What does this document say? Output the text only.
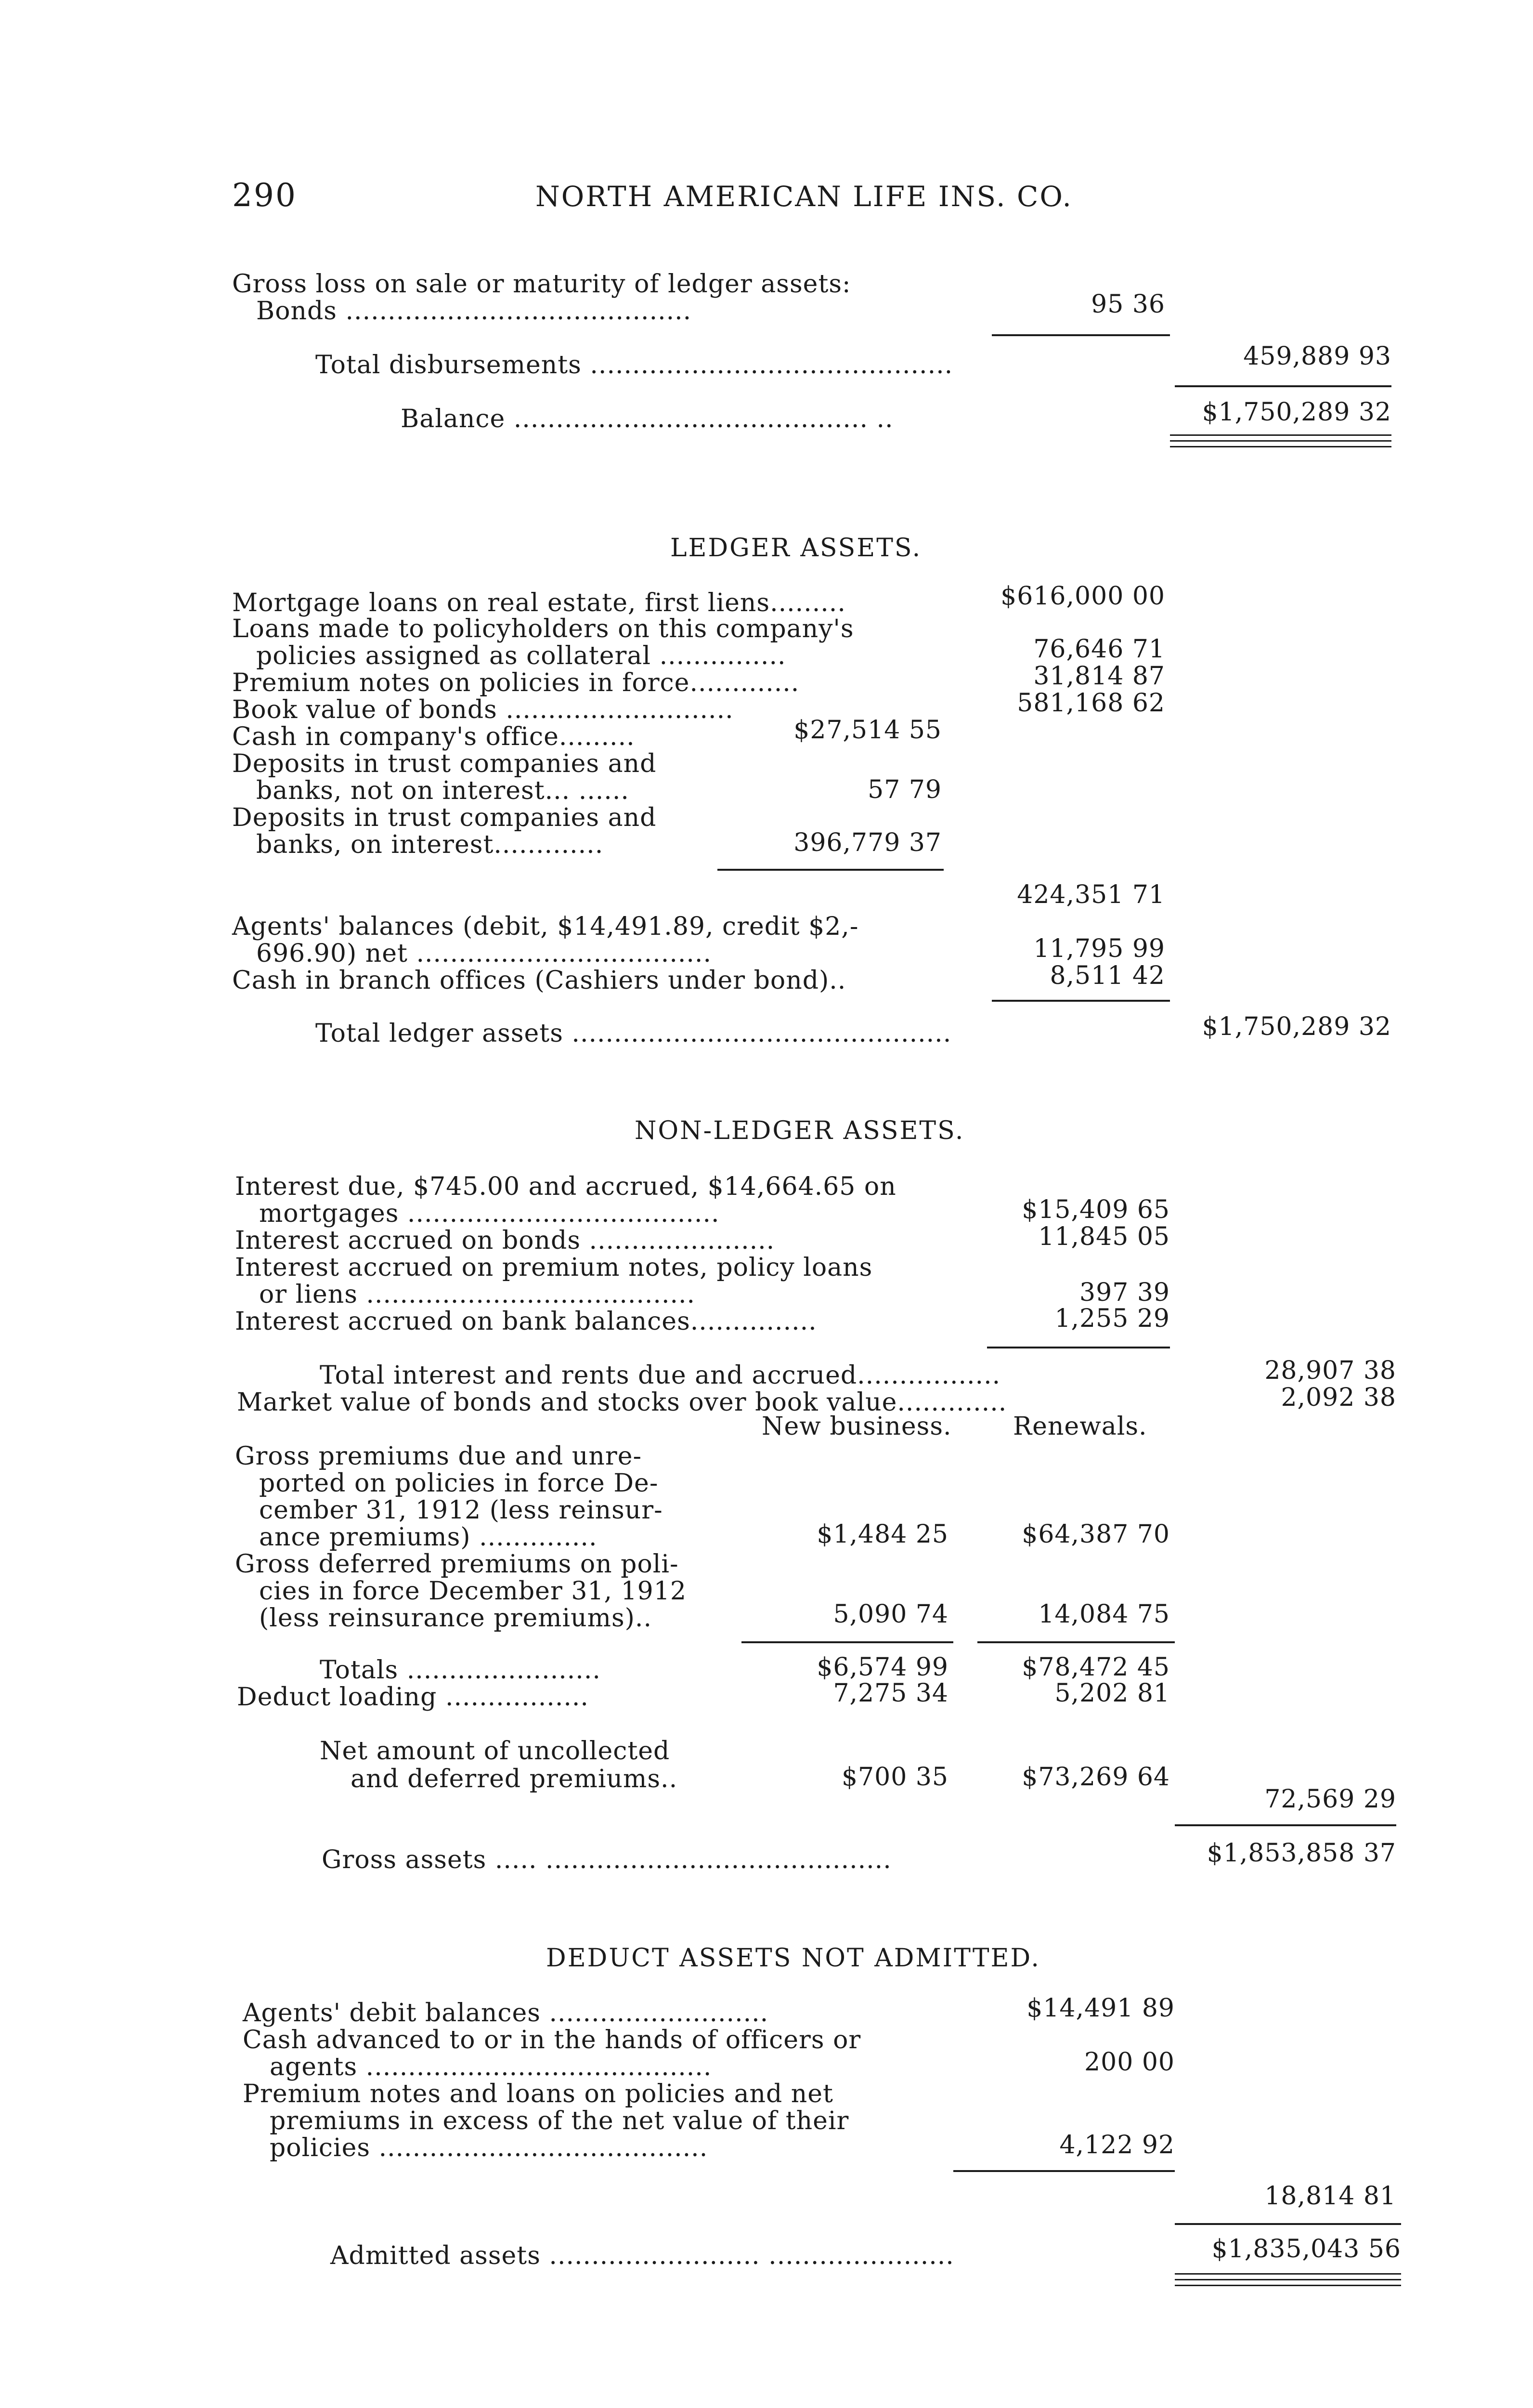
290	NORTH AMERICAN LIFE INS. CO.
Gross loss on sale or maturity of ledger assets:
Bonds .........................................	95 36
Total disbursements ...........................................	459,889 93
Balance .......................................... ..	$1,750,289 32
LEDGER ASSETS.
Mortgage loans on real estate, first liens.........	$616,000 00
Loans made to policyholders on this company's
policies assigned as collateral ...............	76,646 71
Premium notes on policies in force.............	31,814 87
Book value of bonds ...........................	581,168 62
Cash in company's office.........	$27,514 55
Deposits in trust companies and
banks, not on interest... ......	57 79
Deposits in trust companies and
banks, on interest.............	396,779 37
424,351 71
Agents' balances (debit, $14,491.89, credit $2,-
696.90) net ...................................	11,795 99
Cash in branch offices (Cashiers under bond)..	8,511 42
Total ledger assets .............................................	$1,750,289 32
NON-LEDGER ASSETS.
Interest due, $745.00 and accrued, $14,664.65 on
mortgages .....................................	$15,409 65
Interest accrued on bonds ......................	11,845 05
Interest accrued on premium notes, policy loans
or liens .......................................	397 39
Interest accrued on bank balances...............	1,255 29
Total interest and rents due and accrued.................	28,907 38
Market value of bonds and stocks over book value.............	2,092 38
New business. Renewals.
Gross premiums due and unre-
ported on policies in force De-
cember 31, 1912 (less reinsur-
ance premiums) ..............	$1,484 25	$64,387 70
Gross deferred premiums on poli-
cies in force December 31, 1912
(less reinsurance premiums)..	5,090 74	14,084 75
Totals .......................	$6,574 99	$78,472 45
Deduct loading .................	7,275 34	5,202 81
Net amount of uncollected
and deferred premiums..	$700 35	$73,269 64
72,569 29
Gross assets ..... .........................................	$1,853,858 37
DEDUCT ASSETS NOT ADMITTED.
Agents' debit balances ..........................	$14,491 89
Cash advanced to or in the hands of officers or
agents .........................................	200 00
Premium notes and loans on policies and net
premiums in excess of the net value of their
policies .......................................	4,122 92
18,814 81
Admitted assets ......................... ......................	$1,835,043 56
